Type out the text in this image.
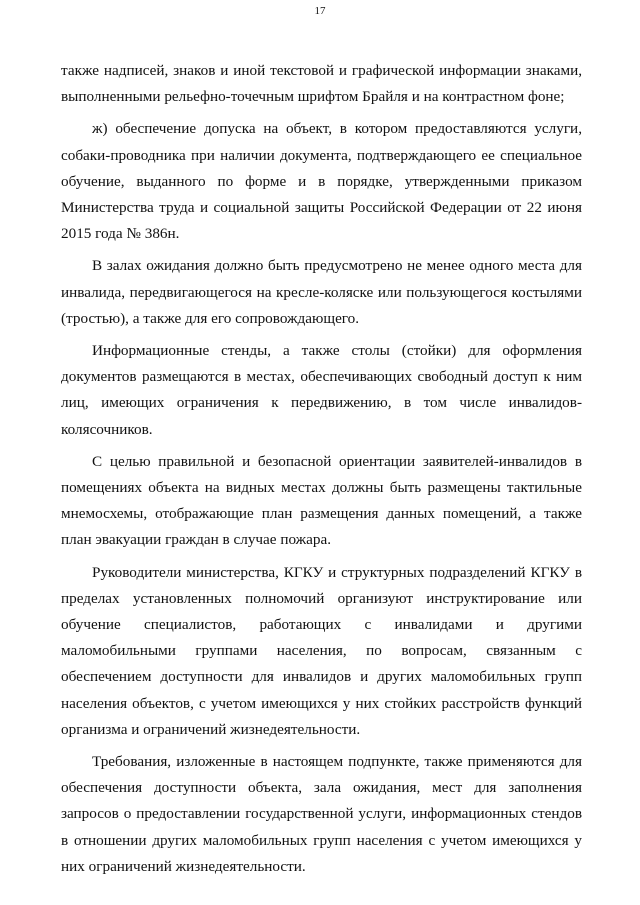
17

также надписей, знаков и иной текстовой и графической информации знаками, выполненными рельефно-точечным шрифтом Брайля и на контрастном фоне;

ж) обеспечение допуска на объект, в котором предоставляются услуги, собаки-проводника при наличии документа, подтверждающего ее специальное обучение, выданного по форме и в порядке, утвержденными приказом Министерства труда и социальной защиты Российской Федерации от 22 июня 2015 года № 386н.

В залах ожидания должно быть предусмотрено не менее одного места для инвалида, передвигающегося на кресле-коляске или пользующегося костылями (тростью), а также для его сопровождающего.

Информационные стенды, а также столы (стойки) для оформления документов размещаются в местах, обеспечивающих свободный доступ к ним лиц, имеющих ограничения к передвижению, в том числе инвалидов-колясочников.

С целью правильной и безопасной ориентации заявителей-инвалидов в помещениях объекта на видных местах должны быть размещены тактильные мнемосхемы, отображающие план размещения данных помещений, а также план эвакуации граждан в случае пожара.

Руководители министерства, КГКУ и структурных подразделений КГКУ в пределах установленных полномочий организуют инструктирование или обучение специалистов, работающих с инвалидами и другими маломобильными группами населения, по вопросам, связанным с обеспечением доступности для инвалидов и других маломобильных групп населения объектов, с учетом имеющихся у них стойких расстройств функций организма и ограничений жизнедеятельности.

Требования, изложенные в настоящем подпункте, также применяются для обеспечения доступности объекта, зала ожидания, мест для заполнения запросов о предоставлении государственной услуги, информационных стендов в отношении других маломобильных групп населения с учетом имеющихся у них ограничений жизнедеятельности.
